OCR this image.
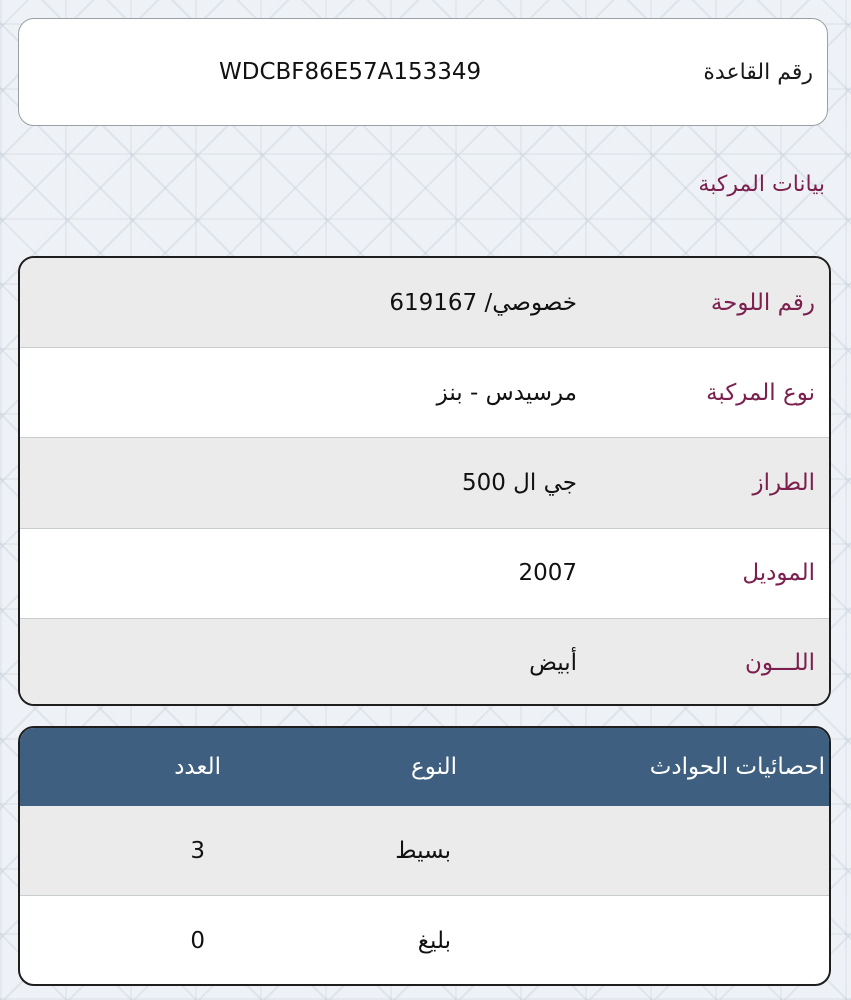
رقم القاعدة
WDCBF86E57A153349
بيانات المركبة
رقم اللوحة
خصوصي/ 619167
نوع المركبة
مرسيدس - بنز
الطراز
جي ال 500
الموديل
2007
اللـــون
أبيض
احصائيات الحوادث
النوع
العدد
بسيط
3
بليغ
0
